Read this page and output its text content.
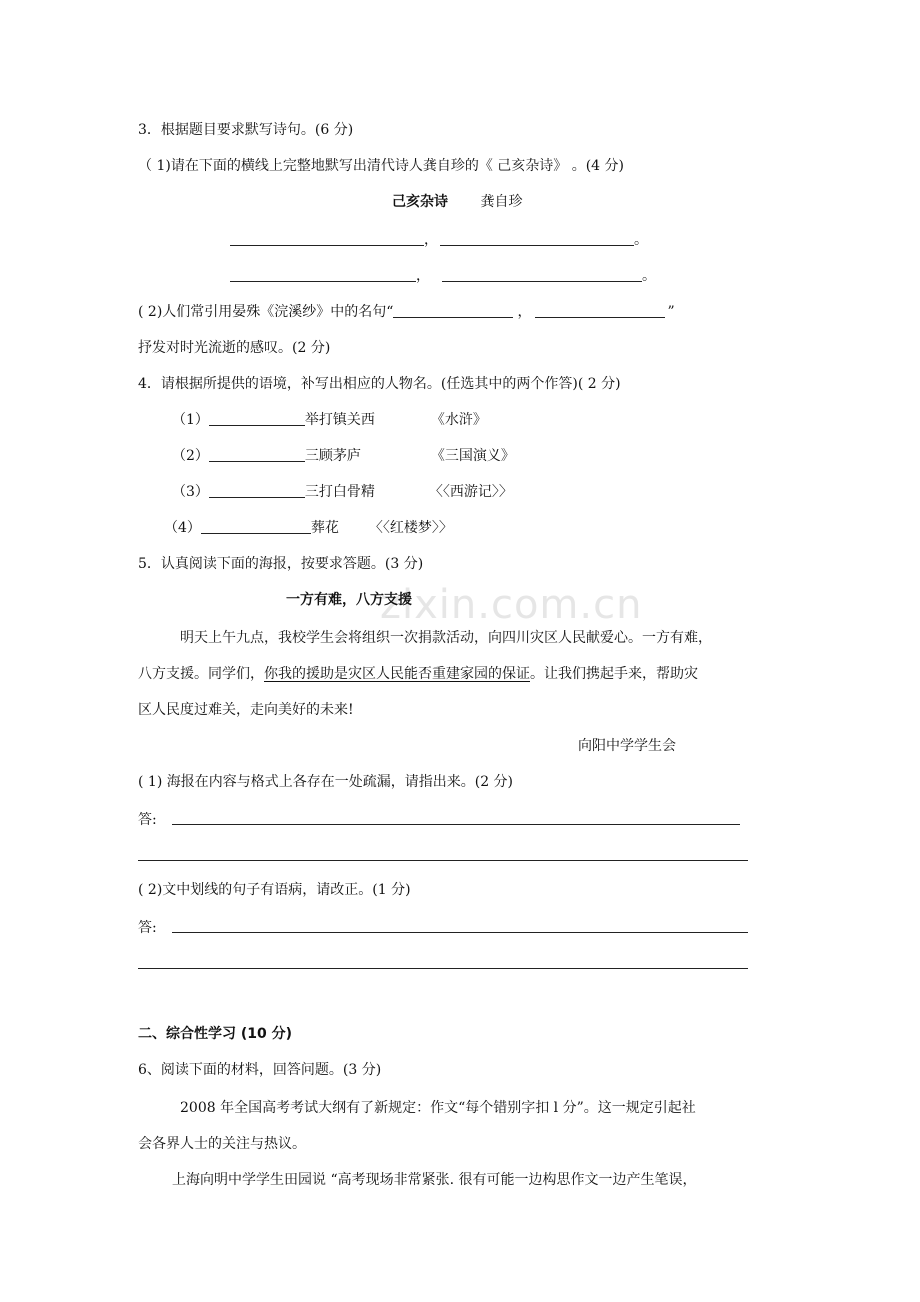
zixin.com.cn
3．根据题目要求默写诗句。(6 分)
（ 1)请在下面的横线上完整地默写出清代诗人龚自珍的《 己亥杂诗》 。(4 分)
己亥杂诗 龚自珍
，	。
，	。
( 2)人们常引用晏殊《浣溪纱》中的名句“	，	”
抒发对时光流逝的感叹。(2 分)
4．请根据所提供的语境，补写出相应的人物名。(任选其中的两个作答)( 2 分)
（1）	举打镇关西	《水浒》
（2）	三顾茅庐	《三国演义》
（3）	三打白骨精	〈〈西游记〉〉
（4）	葬花 〈〈红楼梦〉〉
5．认真阅读下面的海报，按要求答题。(3 分)
一方有难，八方支援
明天上午九点，我校学生会将组织一次捐款活动，向四川灾区人民献爱心。一方有难，
八方支援。同学们，你我的援助是灾区人民能否重建家园的保证。让我们携起手来，帮助灾
区人民度过难关，走向美好的未来!
向阳中学学生会
( 1) 海报在内容与格式上各存在一处疏漏，请指出来。(2 分)
答:
( 2)文中划线的句子有语病，请改正。(1 分)
答:
二、综合性学习 (10 分)
6、阅读下面的材料，回答问题。(3 分)
2008 年全国高考考试大纲有了新规定：作文“每个错别字扣 l 分”。这一规定引起社
会各界人士的关注与热议。
上海向明中学学生田园说 “高考现场非常紧张. 很有可能一边构思作文一边产生笔误，
